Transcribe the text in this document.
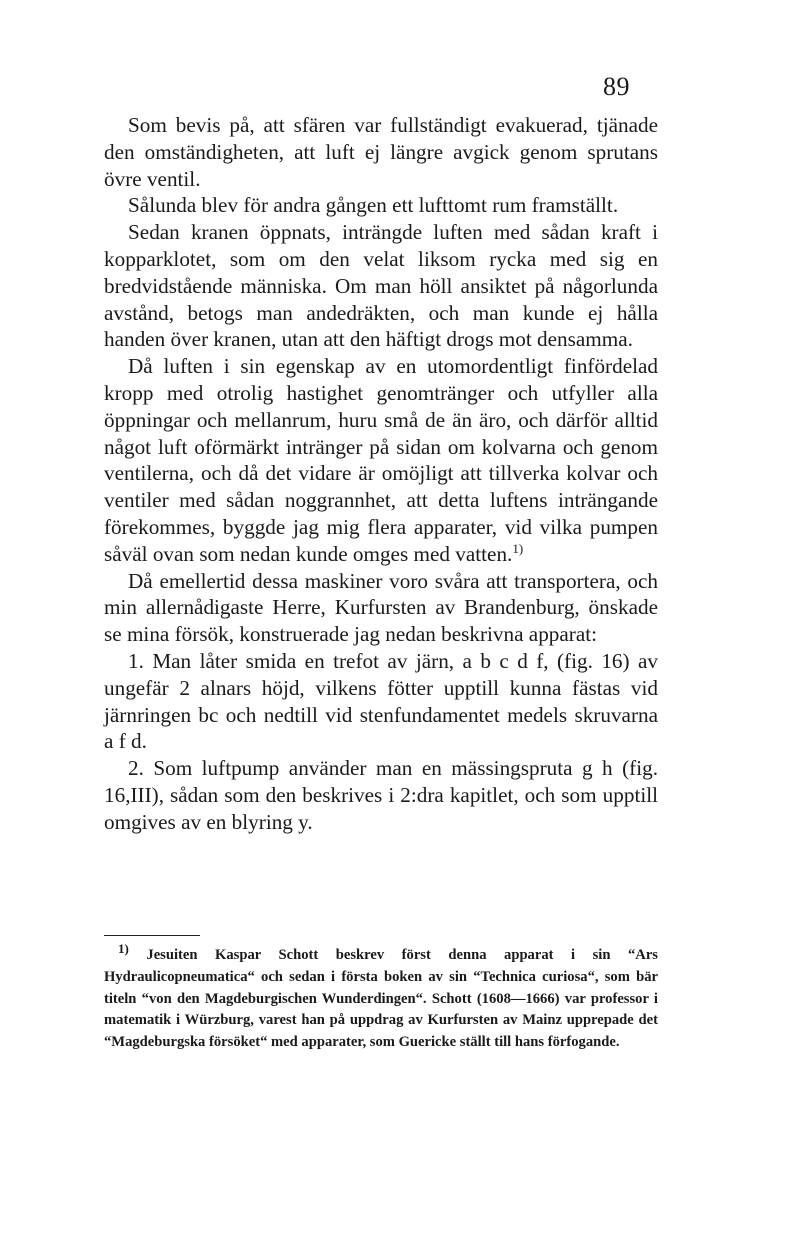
89

Som bevis på, att sfären var fullständigt evakuerad, tjänade den omständigheten, att luft ej längre avgick genom sprutans övre ventil.

Sålunda blev för andra gången ett lufttomt rum framställt.

Sedan kranen öppnats, inträngde luften med sådan kraft i kopparklotet, som om den velat liksom rycka med sig en bredvidstående människa. Om man höll ansiktet på någorlunda avstånd, betogs man andedräkten, och man kunde ej hålla handen över kranen, utan att den häftigt drogs mot densamma.

Då luften i sin egenskap av en utomordentligt finfördelad kropp med otrolig hastighet genomtränger och utfyller alla öppningar och mellanrum, huru små de än äro, och därför alltid något luft oförmärkt intränger på sidan om kolvarna och genom ventilerna, och då det vidare är omöjligt att tillverka kolvar och ventiler med sådan noggrannhet, att detta luftens inträngande förekommes, byggde jag mig flera apparater, vid vilka pumpen såväl ovan som nedan kunde omges med vatten.$^{1)}$

Då emellertid dessa maskiner voro svåra att transportera, och min allernådigaste Herre, Kurfursten av Brandenburg, önskade se mina försök, konstruerade jag nedan beskrivna apparat:

1. Man låter smida en trefot av järn, a b c d f, (fig. 16) av ungefär 2 alnars höjd, vilkens fötter upptill kunna fästas vid järnringen bc och nedtill vid stenfundamentet medels skruvarna a f d.

2. Som luftpump använder man en mässingspruta g h (fig. 16,III), sådan som den beskrives i 2:dra kapitlet, och som upptill omgives av en blyring y.

1) Jesuiten Kaspar Schott beskrev först denna apparat i sin “Ars Hydraulicopneumatica“ och sedan i första boken av sin “Technica curiosa“, som bär titeln “von den Magdeburgischen Wunderdingen“. Schott (1608—1666) var professor i matematik i Würzburg, varest han på uppdrag av Kurfursten av Mainz upprepade det “Magdeburgska försöket“ med apparater, som Guericke ställt till hans förfogande.
